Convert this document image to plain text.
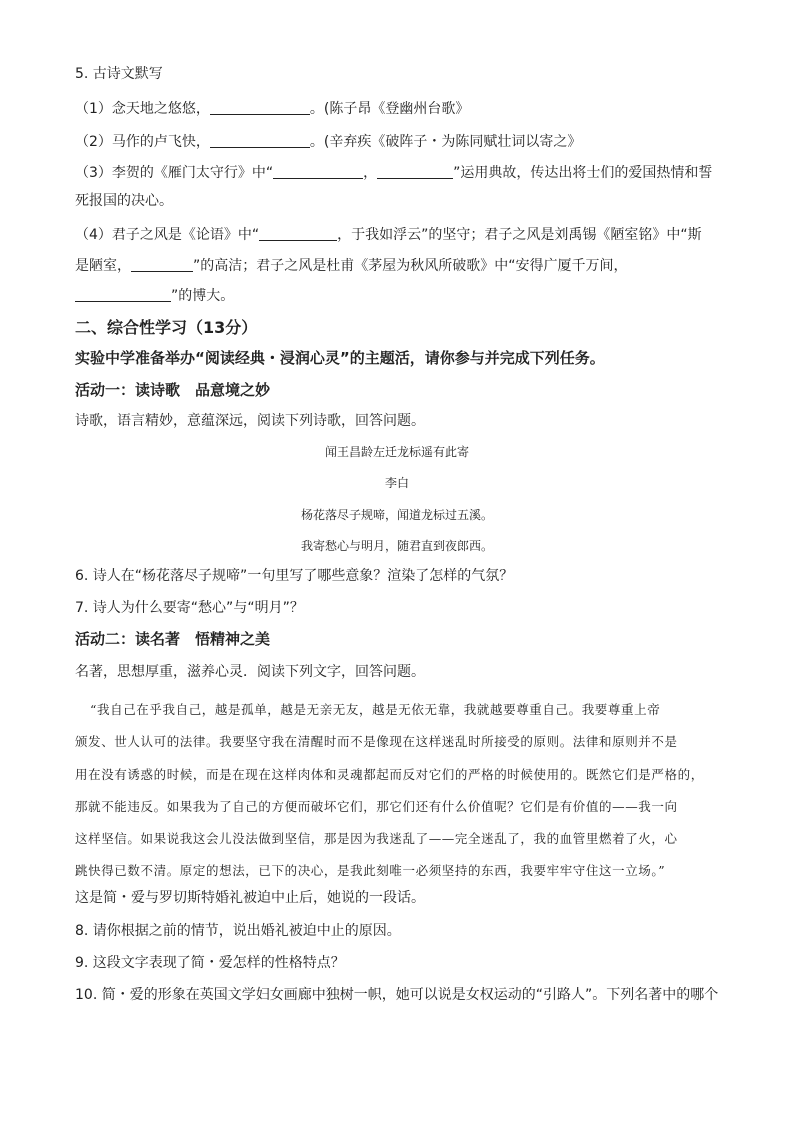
5. 古诗文默写
（1）念天地之悠悠，	。(陈子昂《登幽州台歌》
（2）马作的卢飞快，	。(辛弃疾《破阵子・为陈同赋壮词以寄之》
（3）李贺的《雁门太守行》中“	，	”运用典故，传达出将士们的爱国热情和誓
死报国的决心。
（4）君子之风是《论语》中“	，于我如浮云”的坚守；君子之风是刘禹锡《陋室铭》中“斯
是陋室，	”的高洁；君子之风是杜甫《茅屋为秋风所破歌》中“安得广厦千万间，
”的博大。
二、综合性学习（13分）
实验中学准备举办“阅读经典・浸润心灵”的主题活，请你参与并完成下列任务。
活动一：读诗歌　品意境之妙
诗歌，语言精妙，意蕴深远，阅读下列诗歌，回答问题。
闻王昌龄左迁龙标遥有此寄
李白
杨花落尽子规啼，闻道龙标过五溪。
我寄愁心与明月，随君直到夜郎西。
6. 诗人在“杨花落尽子规啼”一句里写了哪些意象？渲染了怎样的气氛？
7. 诗人为什么要寄“愁心”与“明月”？
活动二：读名著　悟精神之美
名著，思想厚重，滋养心灵．阅读下列文字，回答问题。
“我自己在乎我自己，越是孤单，越是无亲无友，越是无依无靠，我就越要尊重自己。我要尊重上帝
颁发、世人认可的法律。我要坚守我在清醒时而不是像现在这样迷乱时所接受的原则。法律和原则并不是
用在没有诱惑的时候，而是在现在这样肉体和灵魂都起而反对它们的严格的时候使用的。既然它们是严格的，
那就不能违反。如果我为了自己的方便而破坏它们，那它们还有什么价值呢？它们是有价值的——我一向
这样坚信。如果说我这会儿没法做到坚信，那是因为我迷乱了——完全迷乱了，我的血管里燃着了火，心
跳快得已数不清。原定的想法，已下的决心，是我此刻唯一必须坚持的东西，我要牢牢守住这一立场。”
这是简・爱与罗切斯特婚礼被迫中止后，她说的一段话。
8. 请你根据之前的情节，说出婚礼被迫中止的原因。
9. 这段文字表现了简・爱怎样的性格特点？
10. 简・爱的形象在英国文学妇女画廊中独树一帜，她可以说是女权运动的“引路人”。下列名著中的哪个
